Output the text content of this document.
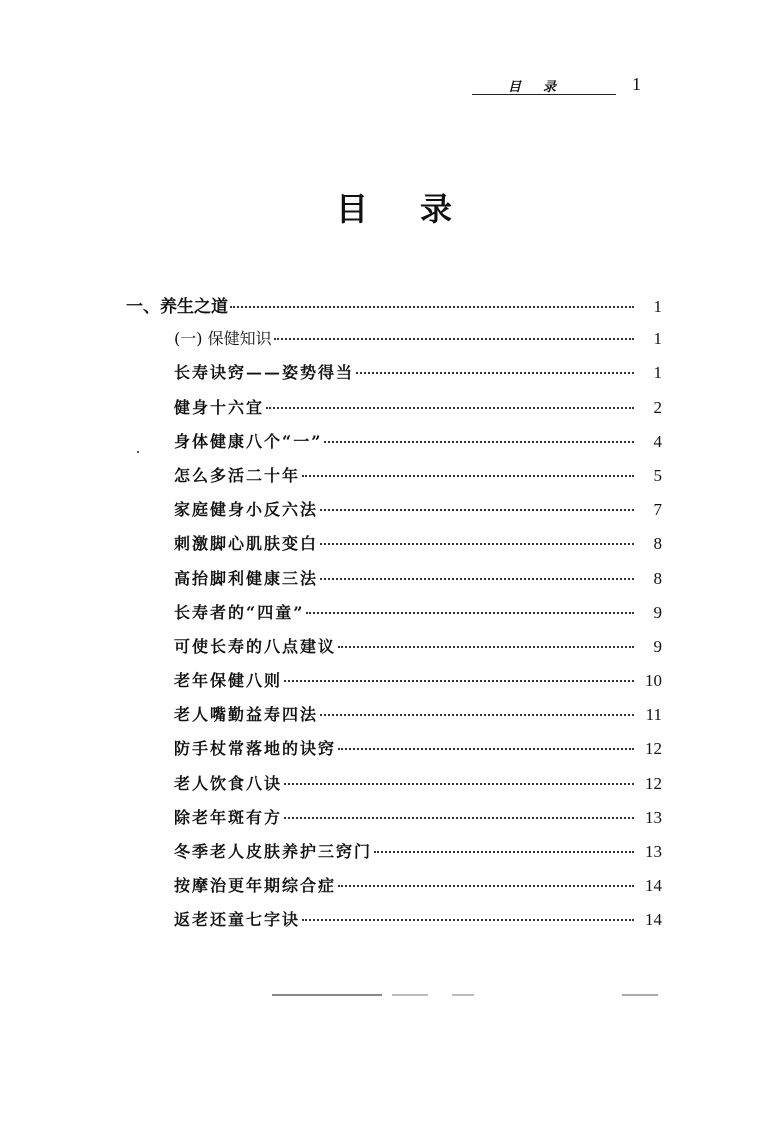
目录	1
目录
一、养生之道	1
(一) 保健知识	1
长寿诀窍——姿势得当	1
健身十六宜	2
身体健康八个“一”	4
怎么多活二十年	5
家庭健身小反六法	7
刺激脚心肌肤变白	8
高抬脚利健康三法	8
长寿者的“四童”	9
可使长寿的八点建议	9
老年保健八则	10
老人嘴勤益寿四法	11
防手杖常落地的诀窍	12
老人饮食八诀	12
除老年斑有方	13
冬季老人皮肤养护三窍门	13
按摩治更年期综合症	14
返老还童七字诀	14
